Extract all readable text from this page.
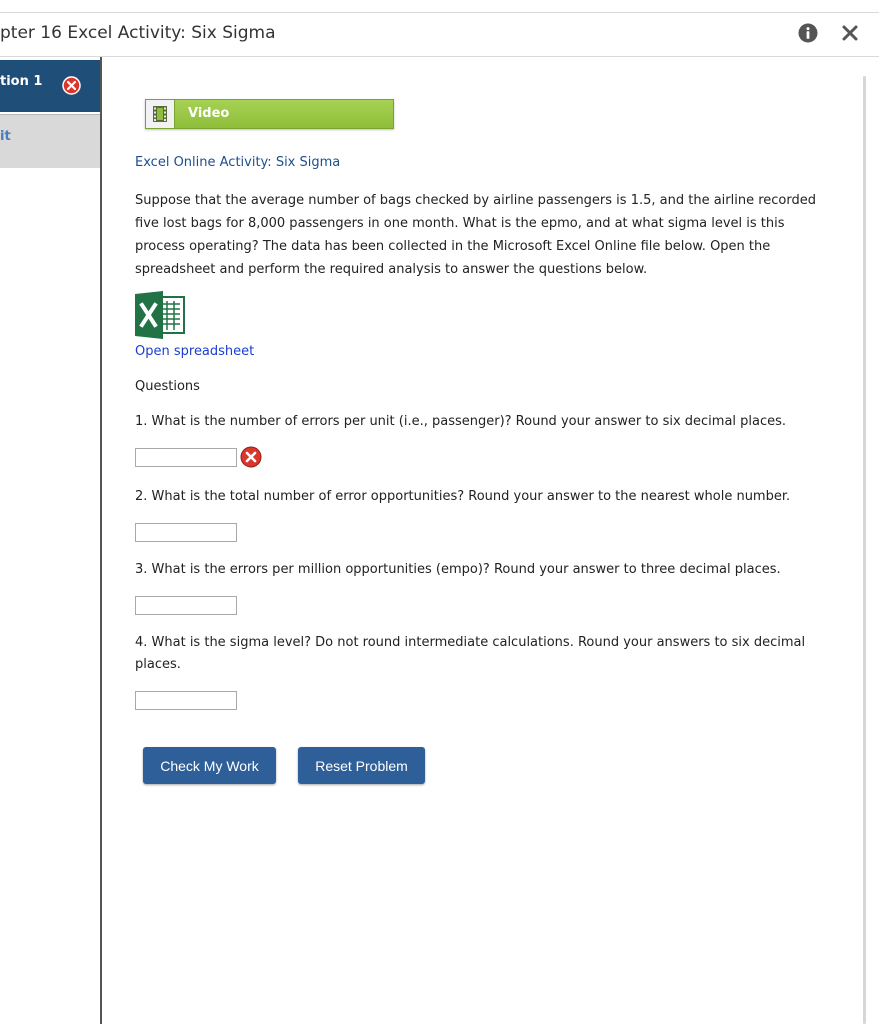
pter 16 Excel Activity: Six Sigma
tion 1
it
Video
Excel Online Activity: Six Sigma
Suppose that the average number of bags checked by airline passengers is 1.5, and the airline recorded five lost bags for 8,000 passengers in one month. What is the epmo, and at what sigma level is this process operating? The data has been collected in the Microsoft Excel Online file below. Open the spreadsheet and perform the required analysis to answer the questions below.
Open spreadsheet
Questions
1. What is the number of errors per unit (i.e., passenger)? Round your answer to six decimal places.
2. What is the total number of error opportunities? Round your answer to the nearest whole number.
3. What is the errors per million opportunities (empo)? Round your answer to three decimal places.
4. What is the sigma level? Do not round intermediate calculations. Round your answers to six decimal places.
Check My Work	Reset Problem
